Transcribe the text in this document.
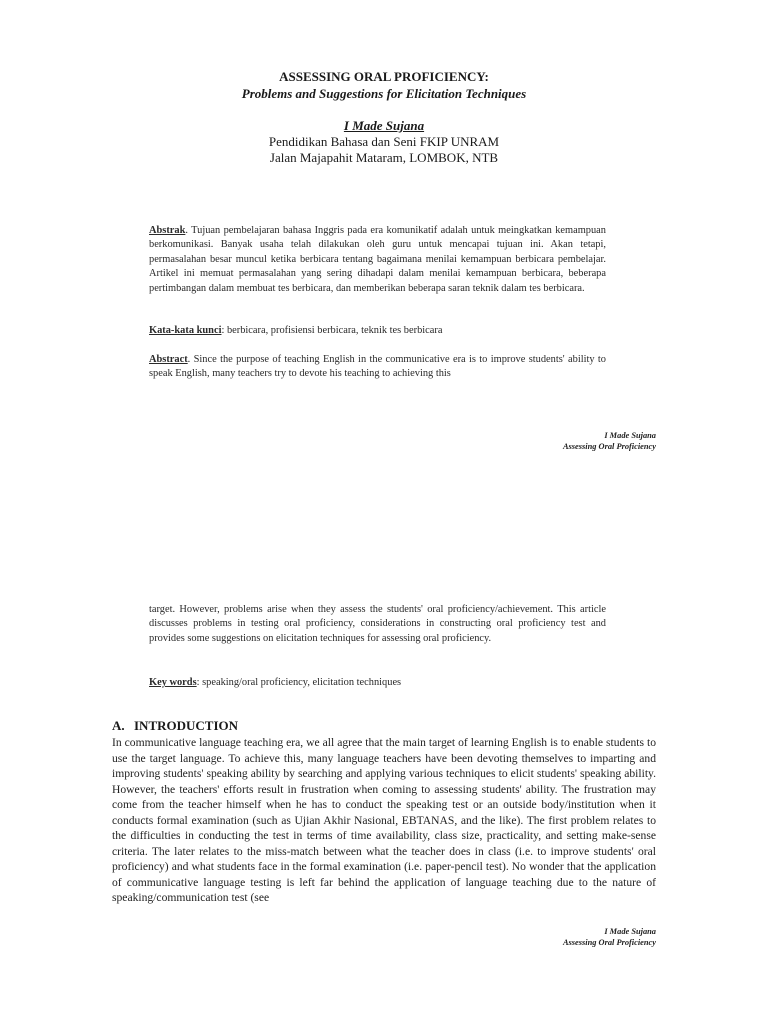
ASSESSING ORAL PROFICIENCY:
Problems and Suggestions for Elicitation Techniques
I Made Sujana
Pendidikan Bahasa dan Seni FKIP UNRAM
Jalan Majapahit Mataram, LOMBOK, NTB
Abstrak. Tujuan pembelajaran bahasa Inggris pada era komunikatif adalah untuk meingkatkan kemampuan berkomunikasi. Banyak usaha telah dilakukan oleh guru untuk mencapai tujuan ini. Akan tetapi, permasalahan besar muncul ketika berbicara tentang bagaimana menilai kemampuan berbicara pembelajar. Artikel ini memuat permasalahan yang sering dihadapi dalam menilai kemampuan berbicara, beberapa pertimbangan dalam membuat tes berbicara, dan memberikan beberapa saran teknik dalam tes berbicara.
Kata-kata kunci: berbicara, profisiensi berbicara, teknik tes berbicara
Abstract. Since the purpose of teaching English in the communicative era is to improve students' ability to speak English, many teachers try to devote his teaching to achieving this
I Made Sujana
Assessing Oral Proficiency
target. However, problems arise when they assess the students' oral proficiency/achievement. This article discusses problems in testing oral proficiency, considerations in constructing oral proficiency test and provides some suggestions on elicitation techniques for assessing oral proficiency.
Key words: speaking/oral proficiency, elicitation techniques
A. INTRODUCTION
In communicative language teaching era, we all agree that the main target of learning English is to enable students to use the target language. To achieve this, many language teachers have been devoting themselves to imparting and improving students' speaking ability by searching and applying various techniques to elicit students' speaking ability. However, the teachers' efforts result in frustration when coming to assessing students' ability. The frustration may come from the teacher himself when he has to conduct the speaking test or an outside body/institution when it conducts formal examination (such as Ujian Akhir Nasional, EBTANAS, and the like). The first problem relates to the difficulties in conducting the test in terms of time availability, class size, practicality, and setting make-sense criteria. The later relates to the miss-match between what the teacher does in class (i.e. to improve students' oral proficiency) and what students face in the formal examination (i.e. paper-pencil test). No wonder that the application of communicative language testing is left far behind the application of language teaching due to the nature of speaking/communication test (see
I Made Sujana
Assessing Oral Proficiency
